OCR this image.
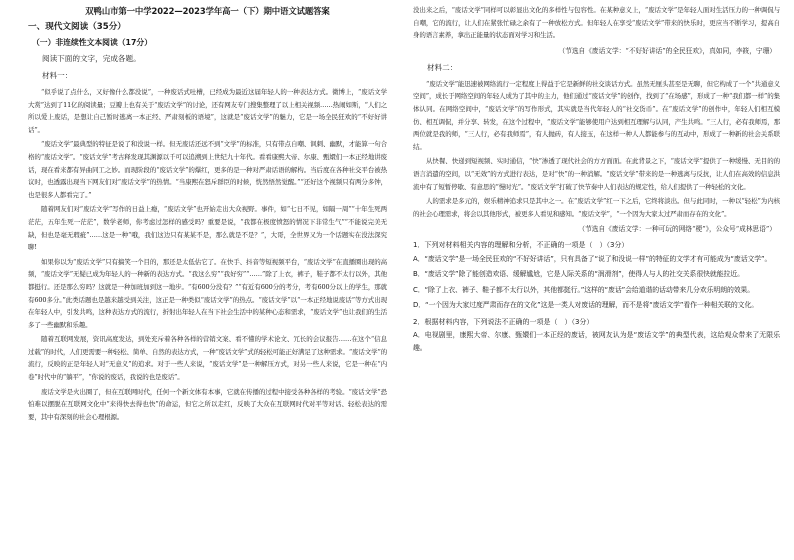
双鸭山市第一中学2022—2023学年高一（下）期中语文试题答案
一、现代文阅读（35分）
（一）非连续性文本阅读（17分）
阅读下面的文字，完成各题。
材料一：

“似乎说了点什么，又好像什么都没说”，一种废话式吐槽，已经成为最近这届年轻人的一种表达方式。微博上，“废话文学大赏”达到了11亿的阅读量；豆瓣上也有关于“废话文学”的讨论，还有网友专门搜集整理了以上相关视频……热闹如斯，“人们之所以爱上废话，是想让自己暂时逃离一本正经、严肃刻板的语境”，这就是“废话文学”的魅力，它是一场全民狂欢的“不好好讲话”。

“废话文学”最典型的特征是说了和没说一样。但无废话还远不到“文学”的标准，只有带点自嘲、讽刺、幽默，才能算一句合格的“废话文学”。“废话文学”考古释发现其渊源以千可以追溯到上世纪九十年代。看看康熙大帝、尔康、甄嬛们一本正经地讲废话，现在看来都有异曲同工之妙。而现阶段的“废话文学”的爆红，更多的是一种对严肃话语的解构。当后度在各种社交平台被热议时，也透露出现当下网友们对“废话文学”的热情。“当康熙在怒斥群臣的时候，恍然悟然觉醒。”“还好这个视频只有两分多钟，也是很多人都看完了。”

随着网友们对“废话文学”写作的日益上瘾，“废话文学”也开始走出大众视野。事件，如“七日不见，如隔一周”“十年生死两茫茫，五年生死一茫茫”，数学老师，你考虑过怎样的感受吗？重要是说，“我都在极度愤怒的情况下非常生气”“不能说完美无缺，但也是毫无瑕疵”……这是一种“哦，我们这边只有某某不是，那么就是不是？”，大哥，全世界又为一个话题实在没法深究聊!

如果你以为“废话文学”只有搞笑一个目的，那还是太低估它了。在快手、抖音等短视频平台，“废话文学”在直播圈出现的高频，“废话文学”无疑已成为年轻人的一种新的表达方式。“我这么穷”“我好穷”“……”除了上衣，裤子，鞋子都不太行以外，其他都挺行。还是那么穷吗？这就是一种加班加到这一地步。“有600分没有？”“有近有600分的考分，考有600分以上的学生，那就有600多分。”此类话题也是越来越受到关注，这正是一种类似“废话文学”的热点。“废话文学”以“一本正经地说废话”等方式出现在年轻人中，引发共鸣，这种表达方式的流行，折射出年轻人在当下社会生活中的某种心态和需求，“废话文学”也让我们的生活多了一些幽默和乐趣。

随着互联网发展，资讯高度发达，到处充斥着各种各样的营销文案、看不懂的学术论文、冗长的会议报告……在这个“信息过载”的时代，人们更需要一种轻松、简单、自然的表达方式，一种“废话文学”式的轻松可能正好满足了这种需求。“废话文学”的流行，反映的正是年轻人对“无意义”的追求。对于一些人来说，“废话文学”是一种解压方式，对另一些人来说，它是一种在“内卷”时代中的“躺平”，“你说的废话，我说的也是废话”。

废话文学是火出圈了，但在互联网时代，任何一个新文体有本事，它就在传播的过程中接受各种各样的考验。“废话文学”恐怕难以摆脱在互联网文化中“来得快去得也快”的命运，但它之所以走红，反映了大众在互联网时代对平等对话、轻松表达的需要，其中有深刻的社会心理根源。

没出来之后，“废话文学”同样可以彰显出文化的多样性与包容性。在某种意义上，“废话文学”是年轻人面对生活压力的一种调侃与自嘲，它的流行，让人们在紧张忙碌之余有了一种放松方式。但年轻人在享受“废话文学”带来的快乐时，更应当不断学习，提高自身的语言素养，拿出正能量的状态面对学习和生活。

（节选自《废话文学：“不好好讲话”的全民狂欢》，真如同，李筱，宁珊）
材料二：

“废话文学”能迅速被网络流行一定程度上得益于它是新鲜的社交谈话方式。虽然无厘头甚至是无聊，但它构成了一个“共通意义空间”，成长于网络空间的年轻人成为了其中的主力，他们通过“废话文学”的创作，找到了“在场感”，形成了一种“我们都一样”的集体认同。在网络空间中，“废话文学”的写作形式，其实就是当代年轻人的“社交货币”。在“废话文学”的创作中，年轻人们相互模仿、相互调侃，并分享、转发，在这个过程中，“废话文学”能够使用户达到相互理解与认同，产生共鸣。“三人行，必有我师焉，那两位就是我的师，“三人行，必有我师焉”，有人抛砖，有人接玉，在这样一种人人都能参与的互动中，形成了一种新的社会关系联结。

从快餐、快递到短视频、实时通信，“快”渗透了现代社会的方方面面。在此背景之下，“废话文学”提供了一种缓慢、无目的的语言消遣的空间，以“无效”的方式进行表达，是对“快”的一种消解。“废话文学”带来的是一种逃离与反抗，让人们在高效的信息洪流中有了短暂停歇、有意思的“慢时光”。“废话文学”打破了快节奏中人们表达的规定性，给人们提供了一种轻松的文化。

人的需求是多元的，娱乐精神追求只是其中之一。在“废话文学”红一下之后，它终将淡出。但与此同时，一种以“轻松”为内核的社会心理需求，将会以其他形式，被更多人看见和感知。“废话文学”，“一个因为大家太过严肃而存在的文化”。

（节选自《废话文学：一种可玩的网络“梗”》，公众号“成林思语”）
1．下列对材料相关内容的理解和分析，不正确的一项是（　）（3分）
A．“废话文学”是一场全民狂欢的“不好好讲话”，只有具备了“说了和没说一样”的特征的文学才有可能成为“废话文学”。
B．“废话文学”除了能创造欢语、缓解尴尬，它是人际关系的“润滑剂”，使得人与人的社交关系很快就能拉近。
C．“除了上衣、裤子、鞋子都不太行以外，其他都挺行。”这样的“废话”会给道谐的话动带来几分欢乐明朗的效果。
D．“一个因为大家过度严肃而存在的文化”这是一类人对废话的理解，而不是将“废话文学”看作一种相关联的文化。
2．根据材料内容，下列说法不正确的一项是（　）（3分）
A．电视剧里，康熙大帝、尔康、甄嬛们一本正经的废话，被网友认为是“废话文学”的典型代表，这给观众带来了无限乐趣。
